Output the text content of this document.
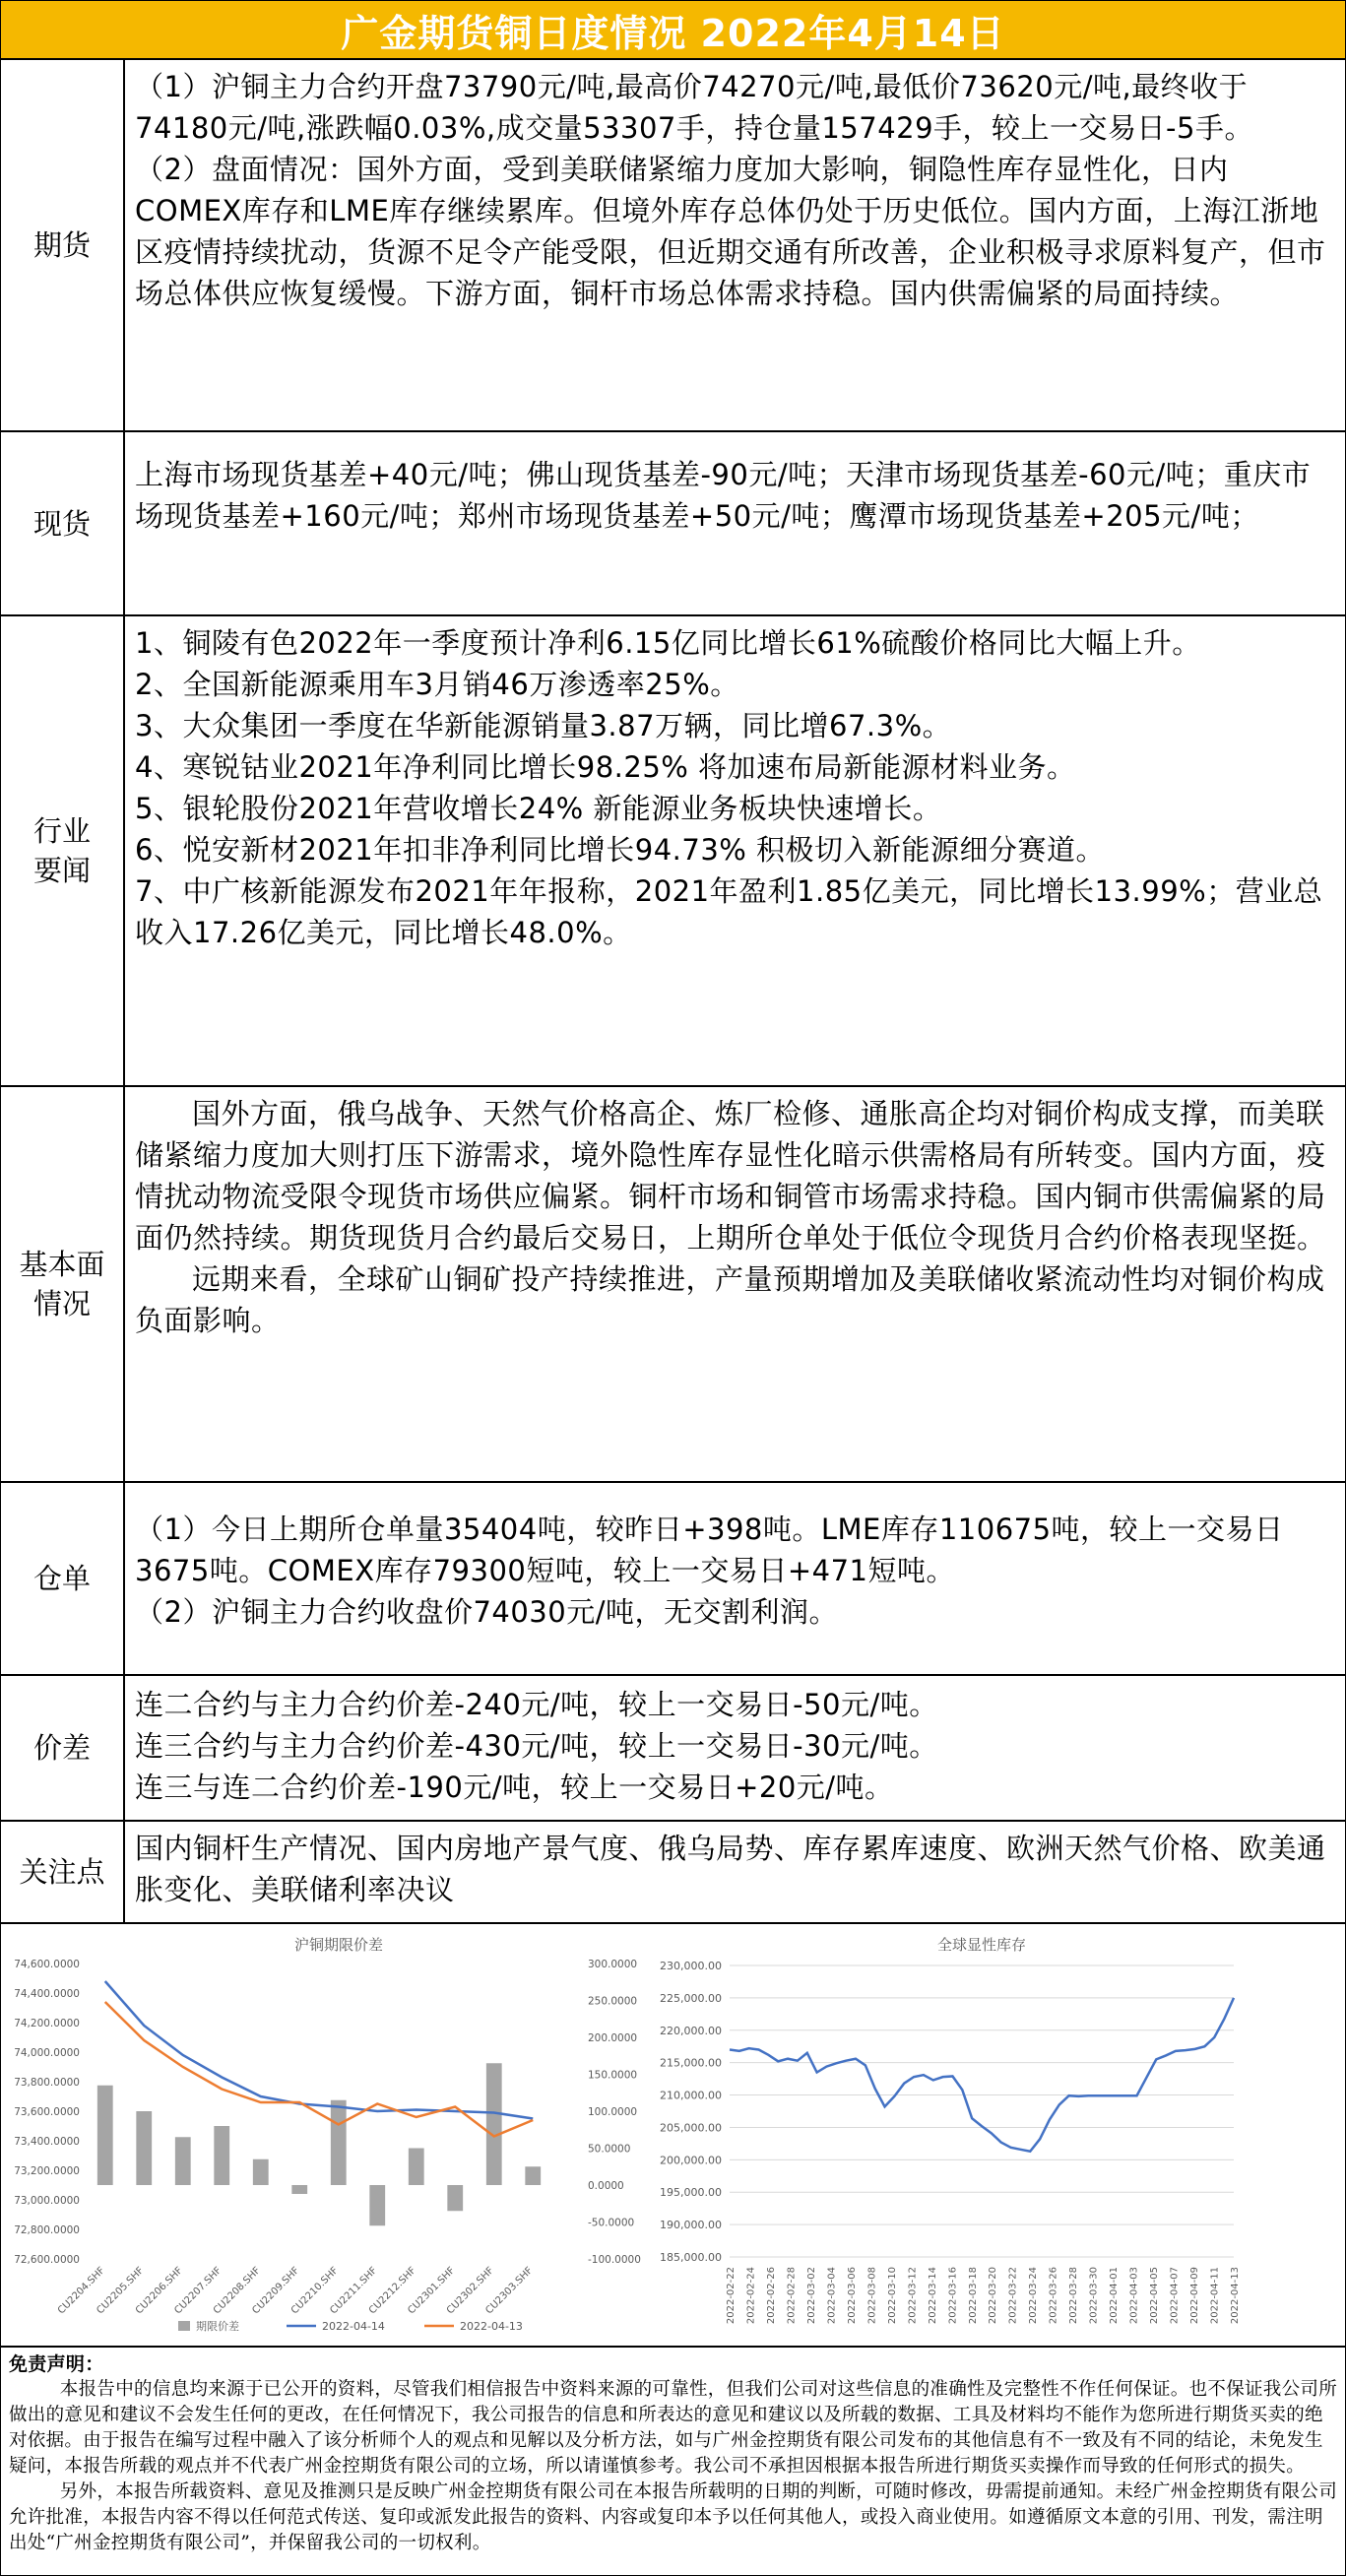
广金期货铜日度情况 2022年4月14日
期货

（1）沪铜主力合约开盘73790元/吨,最高价74270元/吨,最低价73620元/吨,最终收于74180元/吨,涨跌幅0.03%,成交量53307手，持仓量157429手，较上一交易日-5手。

（2）盘面情况：国外方面，受到美联储紧缩力度加大影响，铜隐性库存显性化，日内COMEX库存和LME库存继续累库。但境外库存总体仍处于历史低位。国内方面，上海江浙地区疫情持续扰动，货源不足令产能受限，但近期交通有所改善，企业积极寻求原料复产，但市场总体供应恢复缓慢。下游方面，铜杆市场总体需求持稳。国内供需偏紧的局面持续。

现货

上海市场现货基差+40元/吨；佛山现货基差-90元/吨；天津市场现货基差-60元/吨；重庆市场现货基差+160元/吨；郑州市场现货基差+50元/吨；鹰潭市场现货基差+205元/吨；

行业
要闻

1、铜陵有色2022年一季度预计净利6.15亿同比增长61%硫酸价格同比大幅上升。

2、全国新能源乘用车3月销46万渗透率25%。

3、大众集团一季度在华新能源销量3.87万辆，同比增67.3%。

4、寒锐钴业2021年净利同比增长98.25% 将加速布局新能源材料业务。

5、银轮股份2021年营收增长24% 新能源业务板块快速增长。

6、悦安新材2021年扣非净利同比增长94.73% 积极切入新能源细分赛道。

7、中广核新能源发布2021年年报称，2021年盈利1.85亿美元，同比增长13.99%；营业总收入17.26亿美元，同比增长48.0%。

基本面
情况

国外方面，俄乌战争、天然气价格高企、炼厂检修、通胀高企均对铜价构成支撑，而美联储紧缩力度加大则打压下游需求，境外隐性库存显性化暗示供需格局有所转变。国内方面，疫情扰动物流受限令现货市场供应偏紧。铜杆市场和铜管市场需求持稳。国内铜市供需偏紧的局面仍然持续。期货现货月合约最后交易日，上期所仓单处于低位令现货月合约价格表现坚挺。

远期来看，全球矿山铜矿投产持续推进，产量预期增加及美联储收紧流动性均对铜价构成负面影响。

仓单

（1）今日上期所仓单量35404吨，较昨日+398吨。LME库存110675吨，较上一交易日3675吨。COMEX库存79300短吨，较上一交易日+471短吨。

（2）沪铜主力合约收盘价74030元/吨，无交割利润。

价差

连二合约与主力合约价差-240元/吨，较上一交易日-50元/吨。

连三合约与主力合约价差-430元/吨，较上一交易日-30元/吨。

连三与连二合约价差-190元/吨，较上一交易日+20元/吨。

关注点

国内铜杆生产情况、国内房地产景气度、俄乌局势、库存累库速度、欧洲天然气价格、欧美通胀变化、美联储利率决议

沪铜期限价差
74,600.0000
74,400.0000
74,200.0000
74,000.0000
73,800.0000
73,600.0000
73,400.0000
73,200.0000
73,000.0000
72,800.0000
72,600.0000
300.0000
250.0000
200.0000
150.0000
100.0000
50.0000
0.0000
-50.0000
-100.0000
CU2204.SHF
CU2205.SHF
CU2206.SHF
CU2207.SHF
CU2208.SHF
CU2209.SHF
CU2210.SHF
CU2211.SHF
CU2212.SHF
CU2301.SHF
CU2302.SHF
CU2303.SHF
期限价差	2022-04-14	2022-04-13
全球显性库存
230,000.00
225,000.00
220,000.00
215,000.00
210,000.00
205,000.00
200,000.00
195,000.00
190,000.00
185,000.00
2022-02-22 2022-02-24 2022-02-26 2022-02-28 2022-03-02 2022-03-04 2022-03-06 2022-03-08 2022-03-10 2022-03-12 2022-03-14 2022-03-16 2022-03-18 2022-03-20 2022-03-22 2022-03-24 2022-03-26 2022-03-28 2022-03-30 2022-04-01 2022-04-03 2022-04-05 2022-04-07 2022-04-09 2022-04-11 2022-04-13

免责声明：

本报告中的信息均来源于已公开的资料，尽管我们相信报告中资料来源的可靠性，但我们公司对这些信息的准确性及完整性不作任何保证。也不保证我公司所做出的意见和建议不会发生任何的更改，在任何情况下，我公司报告的信息和所表达的意见和建议以及所载的数据、工具及材料均不能作为您所进行期货买卖的绝对依据。由于报告在编写过程中融入了该分析师个人的观点和见解以及分析方法，如与广州金控期货有限公司发布的其他信息有不一致及有不同的结论，未免发生疑问，本报告所载的观点并不代表广州金控期货有限公司的立场，所以请谨慎参考。我公司不承担因根据本报告所进行期货买卖操作而导致的任何形式的损失。

另外，本报告所载资料、意见及推测只是反映广州金控期货有限公司在本报告所载明的日期的判断，可随时修改，毋需提前通知。未经广州金控期货有限公司允许批准，本报告内容不得以任何范式传送、复印或派发此报告的资料、内容或复印本予以任何其他人，或投入商业使用。如遵循原文本意的引用、刊发，需注明出处“广州金控期货有限公司”，并保留我公司的一切权利。
